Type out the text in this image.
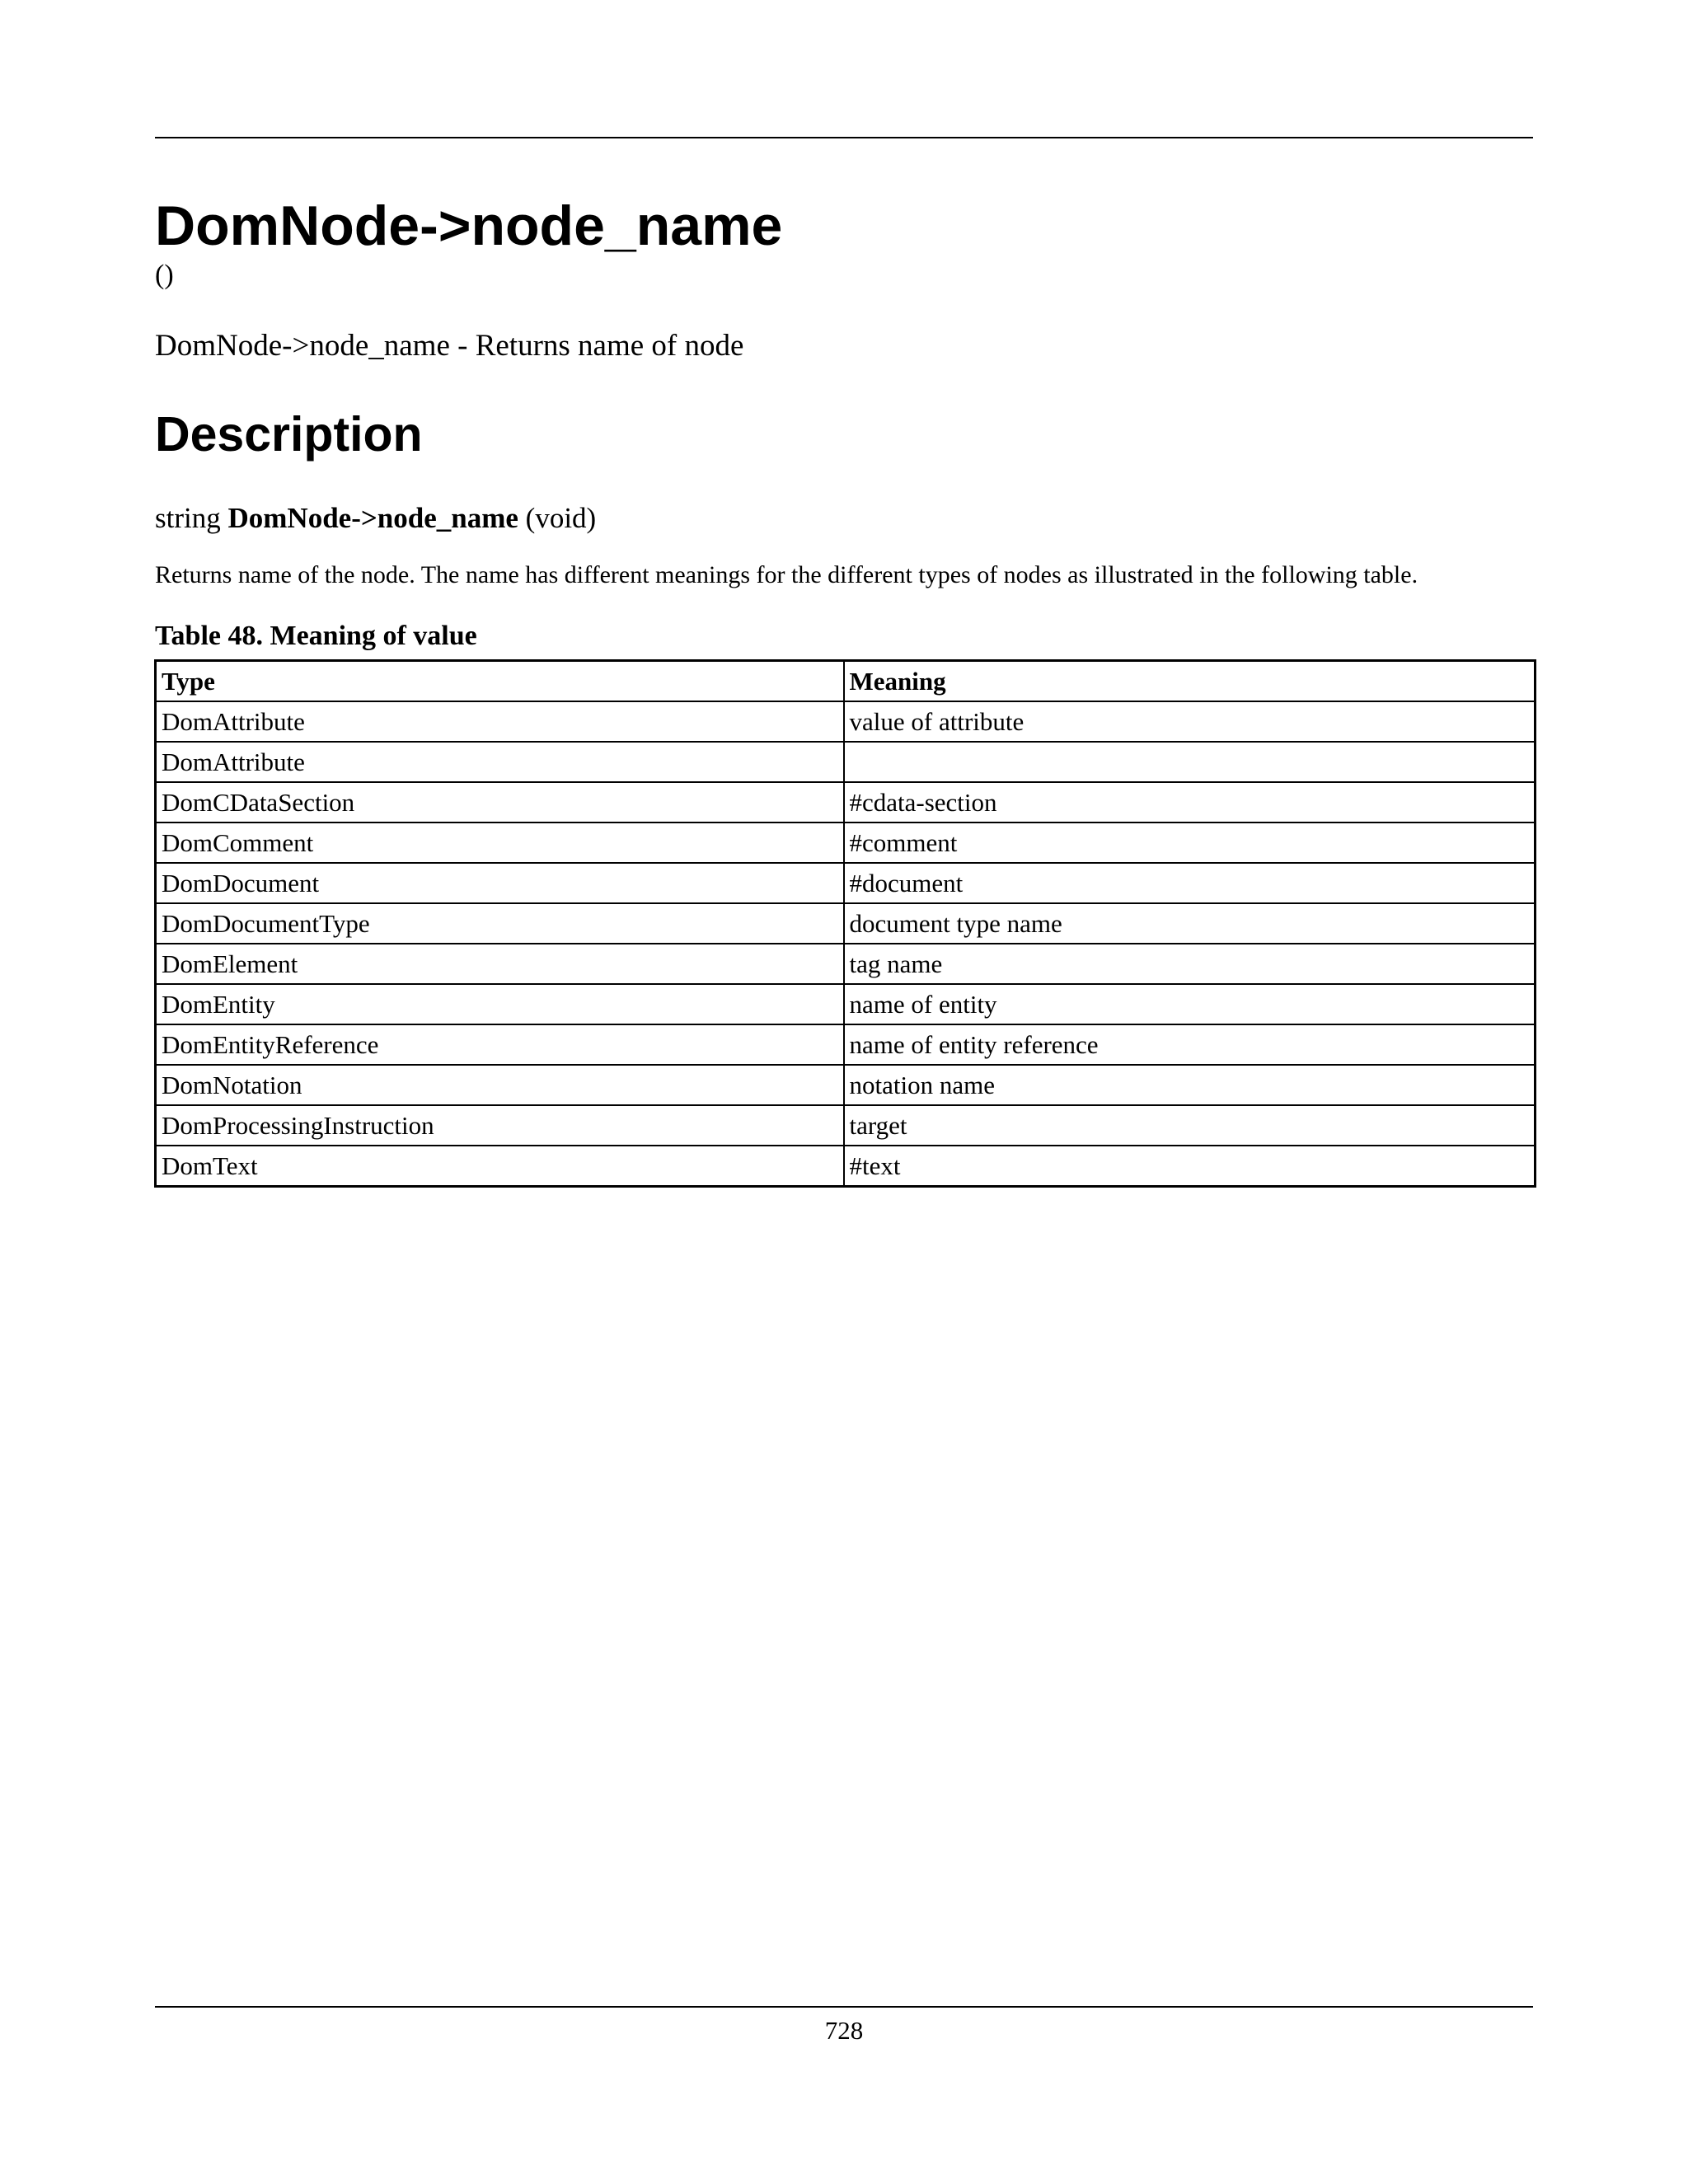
DomNode->node_name

()

DomNode->node_name - Returns name of node

Description

string DomNode->node_name (void)

Returns name of the node. The name has different meanings for the different types of nodes as illustrated in the following table.

Table 48. Meaning of value

Type	Meaning
DomAttribute	value of attribute
DomAttribute	
DomCDataSection	#cdata-section
DomComment	#comment
DomDocument	#document
DomDocumentType	document type name
DomElement	tag name
DomEntity	name of entity
DomEntityReference	name of entity reference
DomNotation	notation name
DomProcessingInstruction	target
DomText	#text
728
